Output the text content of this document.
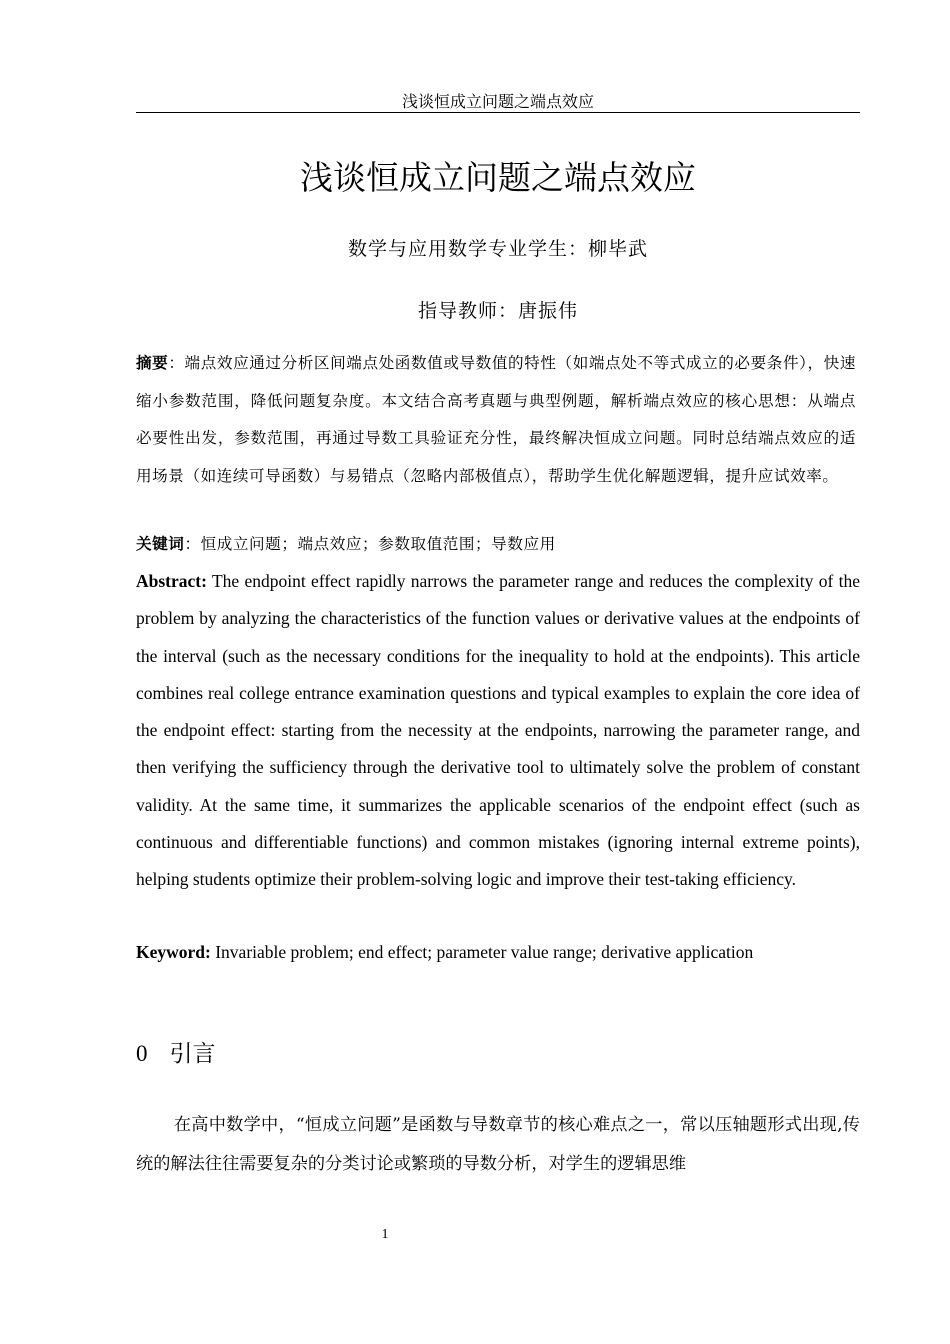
浅谈恒成立问题之端点效应
浅谈恒成立问题之端点效应
数学与应用数学专业学生：柳毕武
指导教师：唐振伟
摘要：端点效应通过分析区间端点处函数值或导数值的特性（如端点处不等式成立的必要条件），快速缩小参数范围，降低问题复杂度。本文结合高考真题与典型例题，解析端点效应的核心思想：从端点必要性出发，参数范围，再通过导数工具验证充分性，最终解决恒成立问题。同时总结端点效应的适用场景（如连续可导函数）与易错点（忽略内部极值点），帮助学生优化解题逻辑，提升应试效率。
关键词：恒成立问题；端点效应；参数取值范围；导数应用
Abstract: The endpoint effect rapidly narrows the parameter range and reduces the complexity of the problem by analyzing the characteristics of the function values or derivative values at the endpoints of the interval (such as the necessary conditions for the inequality to hold at the endpoints). This article combines real college entrance examination questions and typical examples to explain the core idea of the endpoint effect: starting from the necessity at the endpoints, narrowing the parameter range, and then verifying the sufficiency through the derivative tool to ultimately solve the problem of constant validity. At the same time, it summarizes the applicable scenarios of the endpoint effect (such as continuous and differentiable functions) and common mistakes (ignoring internal extreme points), helping students optimize their problem-solving logic and improve their test-taking efficiency.
Keyword: Invariable problem; end effect; parameter value range; derivative application
0 引言
在高中数学中，“恒成立问题”是函数与导数章节的核心难点之一，常以压轴题形式出现,传统的解法往往需要复杂的分类讨论或繁琐的导数分析，对学生的逻辑思维
1
